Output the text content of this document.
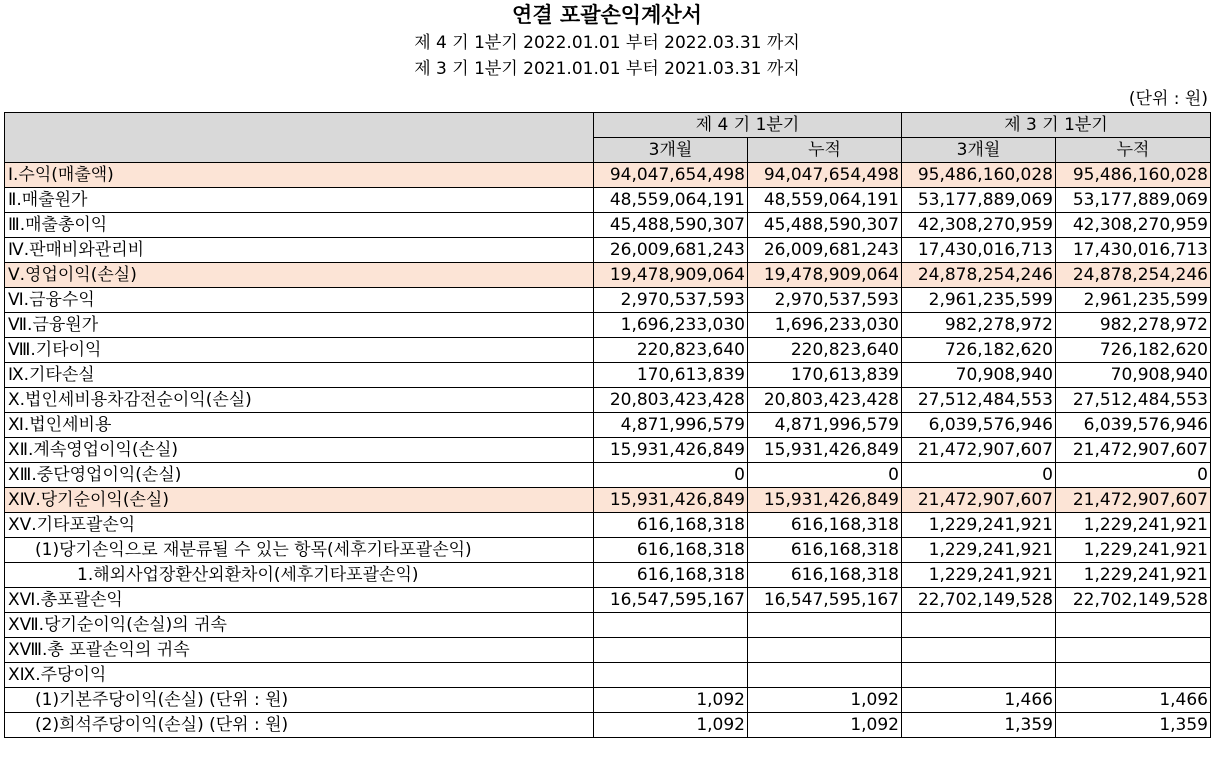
연결 포괄손익계산서
제 4 기 1분기 2022.01.01 부터 2022.03.31 까지
제 3 기 1분기 2021.01.01 부터 2021.03.31 까지
(단위 : 원)
	제 4 기 1분기		제 3 기 1분기	
	3개월	누적	3개월	누적
Ⅰ.수익(매출액)	94,047,654,498	94,047,654,498	95,486,160,028	95,486,160,028
Ⅱ.매출원가	48,559,064,191	48,559,064,191	53,177,889,069	53,177,889,069
Ⅲ.매출총이익	45,488,590,307	45,488,590,307	42,308,270,959	42,308,270,959
Ⅳ.판매비와관리비	26,009,681,243	26,009,681,243	17,430,016,713	17,430,016,713
Ⅴ.영업이익(손실)	19,478,909,064	19,478,909,064	24,878,254,246	24,878,254,246
Ⅵ.금융수익	2,970,537,593	2,970,537,593	2,961,235,599	2,961,235,599
Ⅶ.금융원가	1,696,233,030	1,696,233,030	982,278,972	982,278,972
Ⅷ.기타이익	220,823,640	220,823,640	726,182,620	726,182,620
Ⅸ.기타손실	170,613,839	170,613,839	70,908,940	70,908,940
Ⅹ.법인세비용차감전순이익(손실)	20,803,423,428	20,803,423,428	27,512,484,553	27,512,484,553
Ⅺ.법인세비용	4,871,996,579	4,871,996,579	6,039,576,946	6,039,576,946
ⅩⅡ.계속영업이익(손실)	15,931,426,849	15,931,426,849	21,472,907,607	21,472,907,607
ⅩⅢ.중단영업이익(손실)	0	0	0	0
ⅩⅣ.당기순이익(손실)	15,931,426,849	15,931,426,849	21,472,907,607	21,472,907,607
ⅩⅤ.기타포괄손익	616,168,318	616,168,318	1,229,241,921	1,229,241,921
(1)당기손익으로 재분류될 수 있는 항목(세후기타포괄손익)	616,168,318	616,168,318	1,229,241,921	1,229,241,921
1.해외사업장환산외환차이(세후기타포괄손익)	616,168,318	616,168,318	1,229,241,921	1,229,241,921
ⅩⅥ.총포괄손익	16,547,595,167	16,547,595,167	22,702,149,528	22,702,149,528
ⅩⅦ.당기순이익(손실)의 귀속				
ⅩⅧ.총 포괄손익의 귀속				
ⅩⅨ.주당이익				
(1)기본주당이익(손실) (단위 : 원)	1,092	1,092	1,466	1,466
(2)희석주당이익(손실) (단위 : 원)	1,092	1,092	1,359	1,359
